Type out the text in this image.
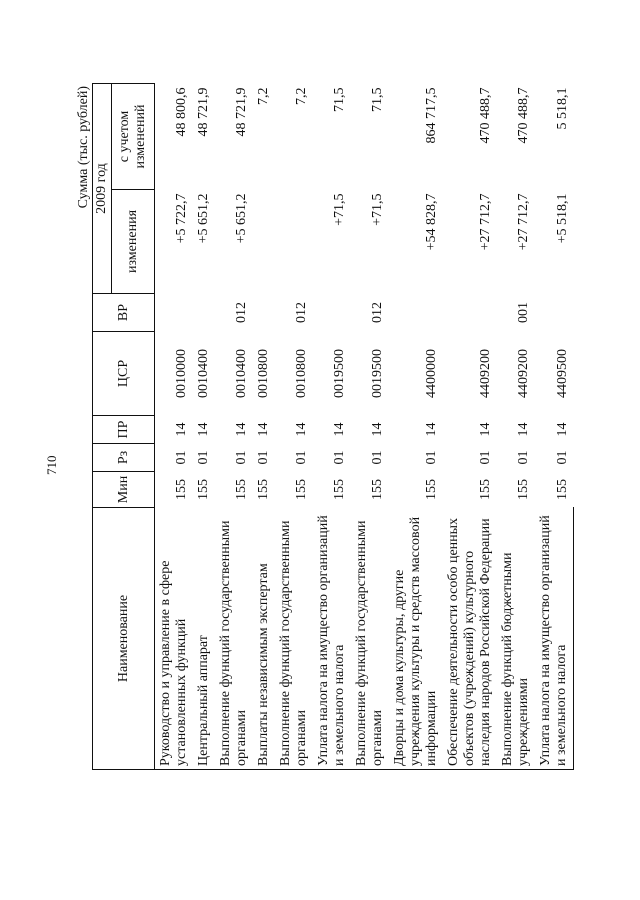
710
Сумма (тыс. рублей)
Наименование	Мин	Рз	ПР	ЦСР	ВР	2009 год	
						изменения	с учетом изменений
Руководство и управление в сфере установленных функций	155	01	14	0010000		+5 722,7	48 800,6
Центральный аппарат	155	01	14	0010400		+5 651,2	48 721,9
Выполнение функций государственными органами	155	01	14	0010400	012	+5 651,2	48 721,9
Выплаты независимым экспертам	155	01	14	0010800			7,2
Выполнение функций государственными органами	155	01	14	0010800	012		7,2
Уплата налога на имущество организаций и земельного налога	155	01	14	0019500		+71,5	71,5
Выполнение функций государственными органами	155	01	14	0019500	012	+71,5	71,5
Дворцы и дома культуры, другие учреждения культуры и средств массовой информации	155	01	14	4400000		+54 828,7	864 717,5
Обеспечение деятельности особо ценных объектов (учреждений) культурного наследия народов Российской Федерации	155	01	14	4409200		+27 712,7	470 488,7
Выполнение функций бюджетными учреждениями	155	01	14	4409200	001	+27 712,7	470 488,7
Уплата налога на имущество организаций и земельного налога	155	01	14	4409500		+5 518,1	5 518,1
